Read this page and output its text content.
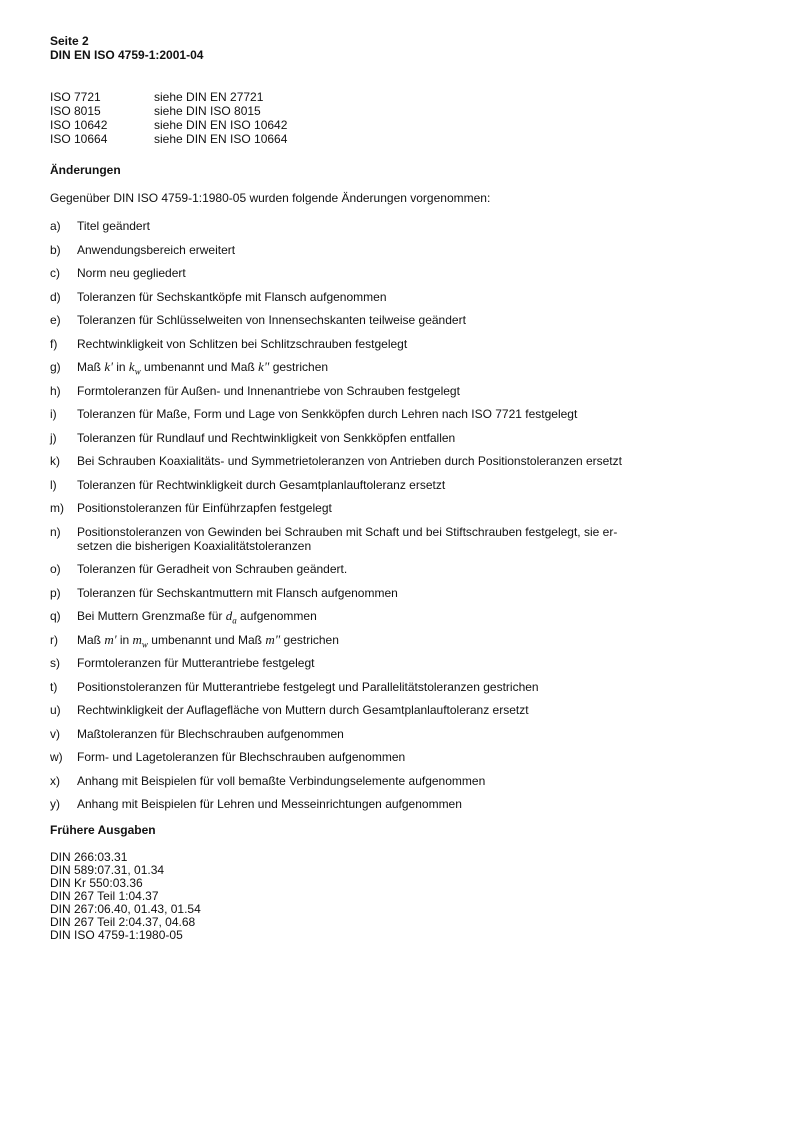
Seite 2
DIN EN ISO 4759-1:2001-04
ISO 7721	siehe DIN EN 27721
ISO 8015	siehe DIN ISO 8015
ISO 10642	siehe DIN EN ISO 10642
ISO 10664	siehe DIN EN ISO 10664
Änderungen
Gegenüber DIN ISO 4759-1:1980-05 wurden folgende Änderungen vorgenommen:
a)	Titel geändert
b)	Anwendungsbereich erweitert
c)	Norm neu gegliedert
d)	Toleranzen für Sechskantköpfe mit Flansch aufgenommen
e)	Toleranzen für Schlüsselweiten von Innensechskanten teilweise geändert
f)	Rechtwinkligkeit von Schlitzen bei Schlitzschrauben festgelegt
g)	Maß k' in $k_w$ umbenannt und Maß k" gestrichen
h)	Formtoleranzen für Außen- und Innenantriebe von Schrauben festgelegt
i)	Toleranzen für Maße, Form und Lage von Senkköpfen durch Lehren nach ISO 7721 festgelegt
j)	Toleranzen für Rundlauf und Rechtwinkligkeit von Senkköpfen entfallen
k)	Bei Schrauben Koaxialitäts- und Symmetrietoleranzen von Antrieben durch Positionstoleranzen ersetzt
l)	Toleranzen für Rechtwinkligkeit durch Gesamtplanlauftoleranz ersetzt
m)	Positionstoleranzen für Einführzapfen festgelegt
n)	Positionstoleranzen von Gewinden bei Schrauben mit Schaft und bei Stiftschrauben festgelegt, sie er-
setzen die bisherigen Koaxialitätstoleranzen
o)	Toleranzen für Geradheit von Schrauben geändert.
p)	Toleranzen für Sechskantmuttern mit Flansch aufgenommen
q)	Bei Muttern Grenzmaße für $d_a$ aufgenommen
r)	Maß m' in $m_w$ umbenannt und Maß m" gestrichen
s)	Formtoleranzen für Mutterantriebe festgelegt
t)	Positionstoleranzen für Mutterantriebe festgelegt und Parallelitätstoleranzen gestrichen
u)	Rechtwinkligkeit der Auflagefläche von Muttern durch Gesamtplanlauftoleranz ersetzt
v)	Maßtoleranzen für Blechschrauben aufgenommen
w)	Form- und Lagetoleranzen für Blechschrauben aufgenommen
x)	Anhang mit Beispielen für voll bemaßte Verbindungselemente aufgenommen
y)	Anhang mit Beispielen für Lehren und Messeinrichtungen aufgenommen
Frühere Ausgaben
DIN 266:03.31
DIN 589:07.31, 01.34
DIN Kr 550:03.36
DIN 267 Teil 1:04.37
DIN 267:06.40, 01.43, 01.54
DIN 267 Teil 2:04.37, 04.68
DIN ISO 4759-1:1980-05
